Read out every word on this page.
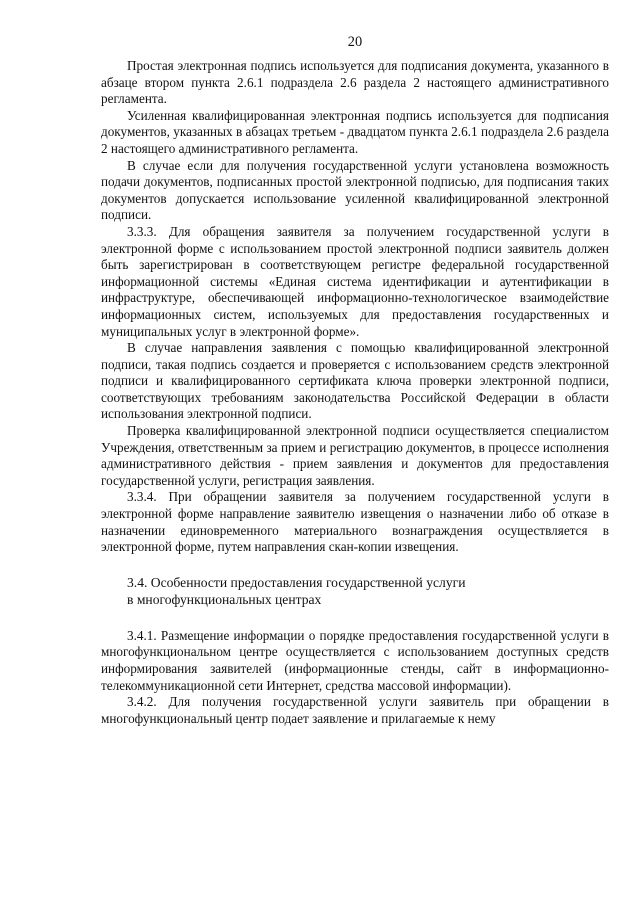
20

Простая электронная подпись используется для подписания документа, указанного в абзаце втором пункта 2.6.1 подраздела 2.6 раздела 2 настоящего административного регламента.

Усиленная квалифицированная электронная подпись используется для подписания документов, указанных в абзацах третьем - двадцатом пункта 2.6.1 подраздела 2.6 раздела 2 настоящего административного регламента.

В случае если для получения государственной услуги установлена возможность подачи документов, подписанных простой электронной подписью, для подписания таких документов допускается использование усиленной квалифицированной электронной подписи.

3.3.3. Для обращения заявителя за получением государственной услуги в электронной форме с использованием простой электронной подписи заявитель должен быть зарегистрирован в соответствующем регистре федеральной государственной информационной системы «Единая система идентификации и аутентификации в инфраструктуре, обеспечивающей информационно-технологическое взаимодействие информационных систем, используемых для предоставления государственных и муниципальных услуг в электронной форме».

В случае направления заявления с помощью квалифицированной электронной подписи, такая подпись создается и проверяется с использованием средств электронной подписи и квалифицированного сертификата ключа проверки электронной подписи, соответствующих требованиям законодательства Российской Федерации в области использования электронной подписи.

Проверка квалифицированной электронной подписи осуществляется специалистом Учреждения, ответственным за прием и регистрацию документов, в процессе исполнения административного действия - прием заявления и документов для предоставления государственной услуги, регистрация заявления.

3.3.4. При обращении заявителя за получением государственной услуги в электронной форме направление заявителю извещения о назначении либо об отказе в назначении единовременного материального вознаграждения осуществляется в электронной форме, путем направления скан-копии извещения.

3.4. Особенности предоставления государственной услуги
в многофункциональных центрах

3.4.1. Размещение информации о порядке предоставления государственной услуги в многофункциональном центре осуществляется с использованием доступных средств информирования заявителей (информационные стенды, сайт в информационно-телекоммуникационной сети Интернет, средства массовой информации).

3.4.2. Для получения государственной услуги заявитель при обращении в многофункциональный центр подает заявление и прилагаемые к нему
